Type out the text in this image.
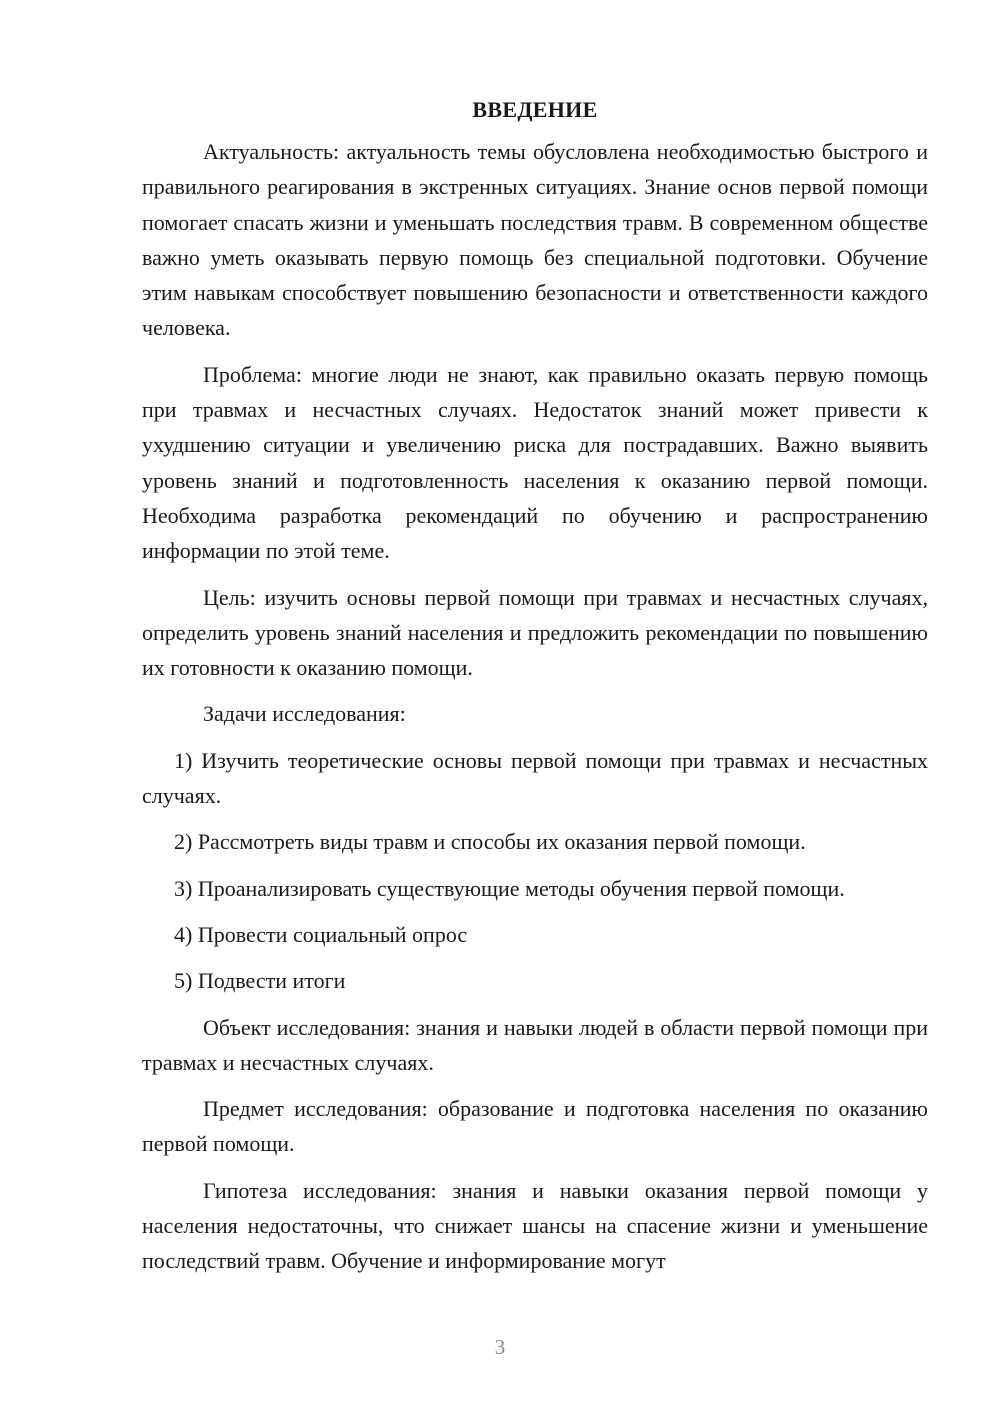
ВВЕДЕНИЕ

Актуальность: актуальность темы обусловлена необходимостью быстрого и правильного реагирования в экстренных ситуациях. Знание основ первой помощи помогает спасать жизни и уменьшать последствия травм. В современном обществе важно уметь оказывать первую помощь без специальной подготовки. Обучение этим навыкам способствует повышению безопасности и ответственности каждого человека.

Проблема: многие люди не знают, как правильно оказать первую помощь при травмах и несчастных случаях. Недостаток знаний может привести к ухудшению ситуации и увеличению риска для пострадавших. Важно выявить уровень знаний и подготовленность населения к оказанию первой помощи. Необходима разработка рекомендаций по обучению и распространению информации по этой теме.

Цель: изучить основы первой помощи при травмах и несчастных случаях, определить уровень знаний населения и предложить рекомендации по повышению их готовности к оказанию помощи.

Задачи исследования:

1) Изучить теоретические основы первой помощи при травмах и несчастных случаях.

2) Рассмотреть виды травм и способы их оказания первой помощи.

3) Проанализировать существующие методы обучения первой помощи.

4) Провести социальный опрос

5) Подвести итоги

Объект исследования: знания и навыки людей в области первой помощи при травмах и несчастных случаях.

Предмет исследования: образование и подготовка населения по оказанию первой помощи.

Гипотеза исследования: знания и навыки оказания первой помощи у населения недостаточны, что снижает шансы на спасение жизни и уменьшение последствий травм. Обучение и информирование могут

3
